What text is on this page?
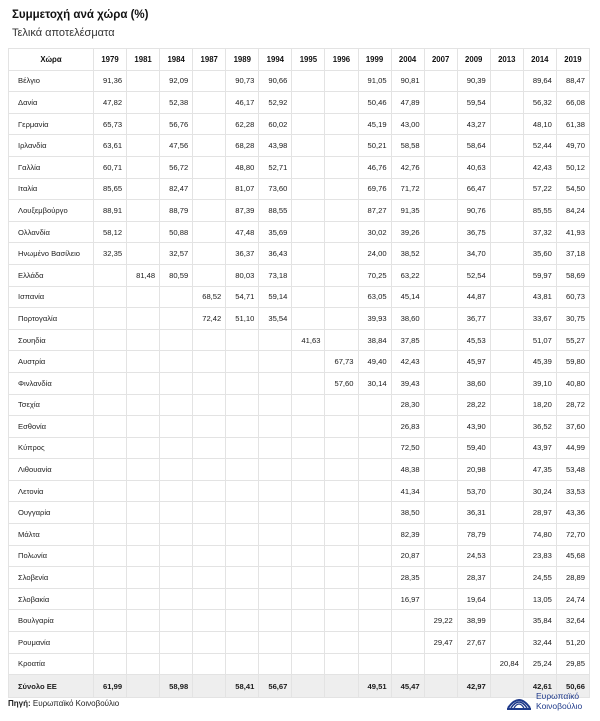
Συμμετοχή ανά χώρα (%)
Τελικά αποτελέσματα
Χώρα	1979	1981	1984	1987	1989	1994	1995	1996	1999	2004	2007	2009	2013	2014	2019
Βέλγιο	91,36		92,09		90,73	90,66			91,05	90,81		90,39		89,64	88,47
Δανία	47,82		52,38		46,17	52,92			50,46	47,89		59,54		56,32	66,08
Γερμανία	65,73		56,76		62,28	60,02			45,19	43,00		43,27		48,10	61,38
Ιρλανδία	63,61		47,56		68,28	43,98			50,21	58,58		58,64		52,44	49,70
Γαλλία	60,71		56,72		48,80	52,71			46,76	42,76		40,63		42,43	50,12
Ιταλία	85,65		82,47		81,07	73,60			69,76	71,72		66,47		57,22	54,50
Λουξεμβούργο	88,91		88,79		87,39	88,55			87,27	91,35		90,76		85,55	84,24
Ολλανδία	58,12		50,88		47,48	35,69			30,02	39,26		36,75		37,32	41,93
Ηνωμένο Βασίλειο	32,35		32,57		36,37	36,43			24,00	38,52		34,70		35,60	37,18
Ελλάδα		81,48	80,59		80,03	73,18			70,25	63,22		52,54		59,97	58,69
Ισπανία				68,52	54,71	59,14			63,05	45,14		44,87		43,81	60,73
Πορτογαλία				72,42	51,10	35,54			39,93	38,60		36,77		33,67	30,75
Σουηδία							41,63		38,84	37,85		45,53		51,07	55,27
Αυστρία								67,73	49,40	42,43		45,97		45,39	59,80
Φινλανδία								57,60	30,14	39,43		38,60		39,10	40,80
Τσεχία										28,30		28,22		18,20	28,72
Εσθονία										26,83		43,90		36,52	37,60
Κύπρος										72,50		59,40		43,97	44,99
Λιθουανία										48,38		20,98		47,35	53,48
Λετονία										41,34		53,70		30,24	33,53
Ουγγαρία										38,50		36,31		28,97	43,36
Μάλτα										82,39		78,79		74,80	72,70
Πολωνία										20,87		24,53		23,83	45,68
Σλοβενία										28,35		28,37		24,55	28,89
Σλοβακία										16,97		19,64		13,05	24,74
Βουλγαρία											29,22	38,99		35,84	32,64
Ρουμανία											29,47	27,67		32,44	51,20
Κροατία													20,84	25,24	29,85
Σύνολο ΕΕ	61,99		58,98		58,41	56,67			49,51	45,47		42,97		42,61	50,66
Πηγή: Ευρωπαϊκό Κοινοβούλιο
Ευρωπαϊκό
Κοινοβούλιο
